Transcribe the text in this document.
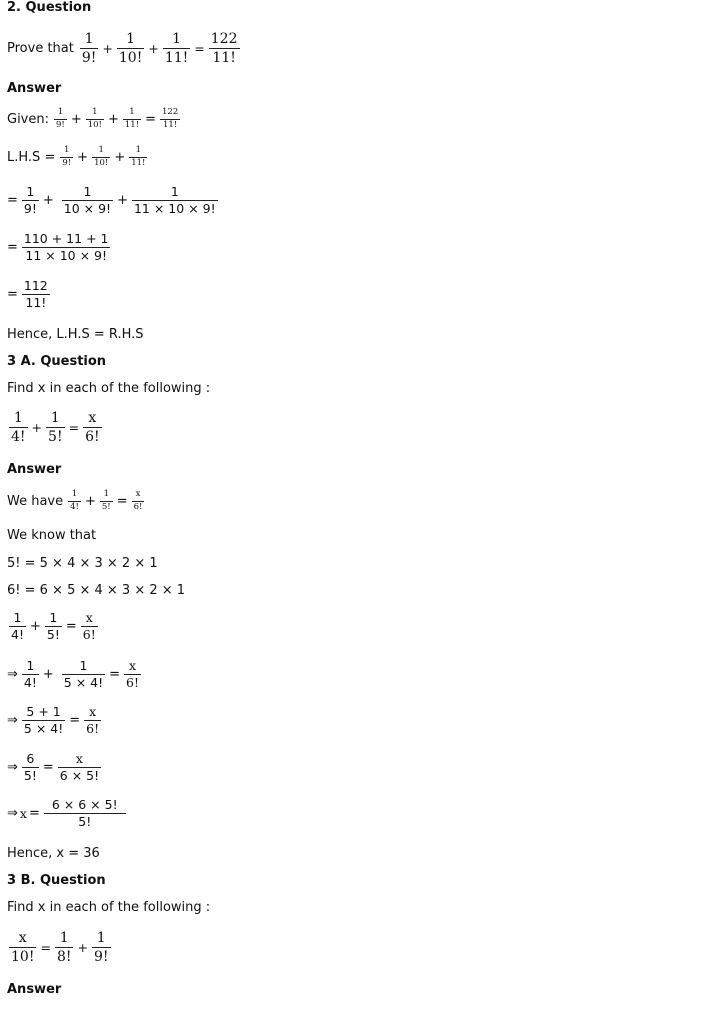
2. Question
Prove that $\frac{1}{9!} + \frac{1}{10!} + \frac{1}{11!} = \frac{122}{11!}$
Answer
Given: $\frac{1}{9!} + \frac{1}{10!} + \frac{1}{11!} = \frac{122}{11!}$
$L.H.S = \frac{1}{9!} + \frac{1}{10!} + \frac{1}{11!}$
= $\frac{1}{9!} + \frac{1}{10 \times 9!} + \frac{1}{11 \times 10 \times 9!}$
= $\frac{110 + 11 + 1}{11 \times 10 \times 9!}$
= $\frac{112}{11!}$
Hence, L.H.S = R.H.S
3 A. Question
Find x in each of the following :
$\frac{1}{4!} + \frac{1}{5!} = \frac{x}{6!}$
Answer
We have $\frac{1}{4!} + \frac{1}{5!} = \frac{x}{6!}$
We know that
5! = 5 × 4 × 3 × 2 × 1
6! = 6 × 5 × 4 × 3 × 2 × 1
$\frac{1}{4!} + \frac{1}{5!} = \frac{x}{6!}$
⇒ $\frac{1}{4!} + \frac{1}{5 \times 4!} = \frac{x}{6!}$
⇒ $\frac{5 + 1}{5 \times 4!} = \frac{x}{6!}$
⇒ $\frac{6}{5!} = \frac{x}{6 \times 5!}$
⇒ $x = \frac{6 \times 6 \times 5!}{5!}$
Hence, x = 36
3 B. Question
Find x in each of the following :
$\frac{x}{10!} = \frac{1}{8!} + \frac{1}{9!}$
Answer
